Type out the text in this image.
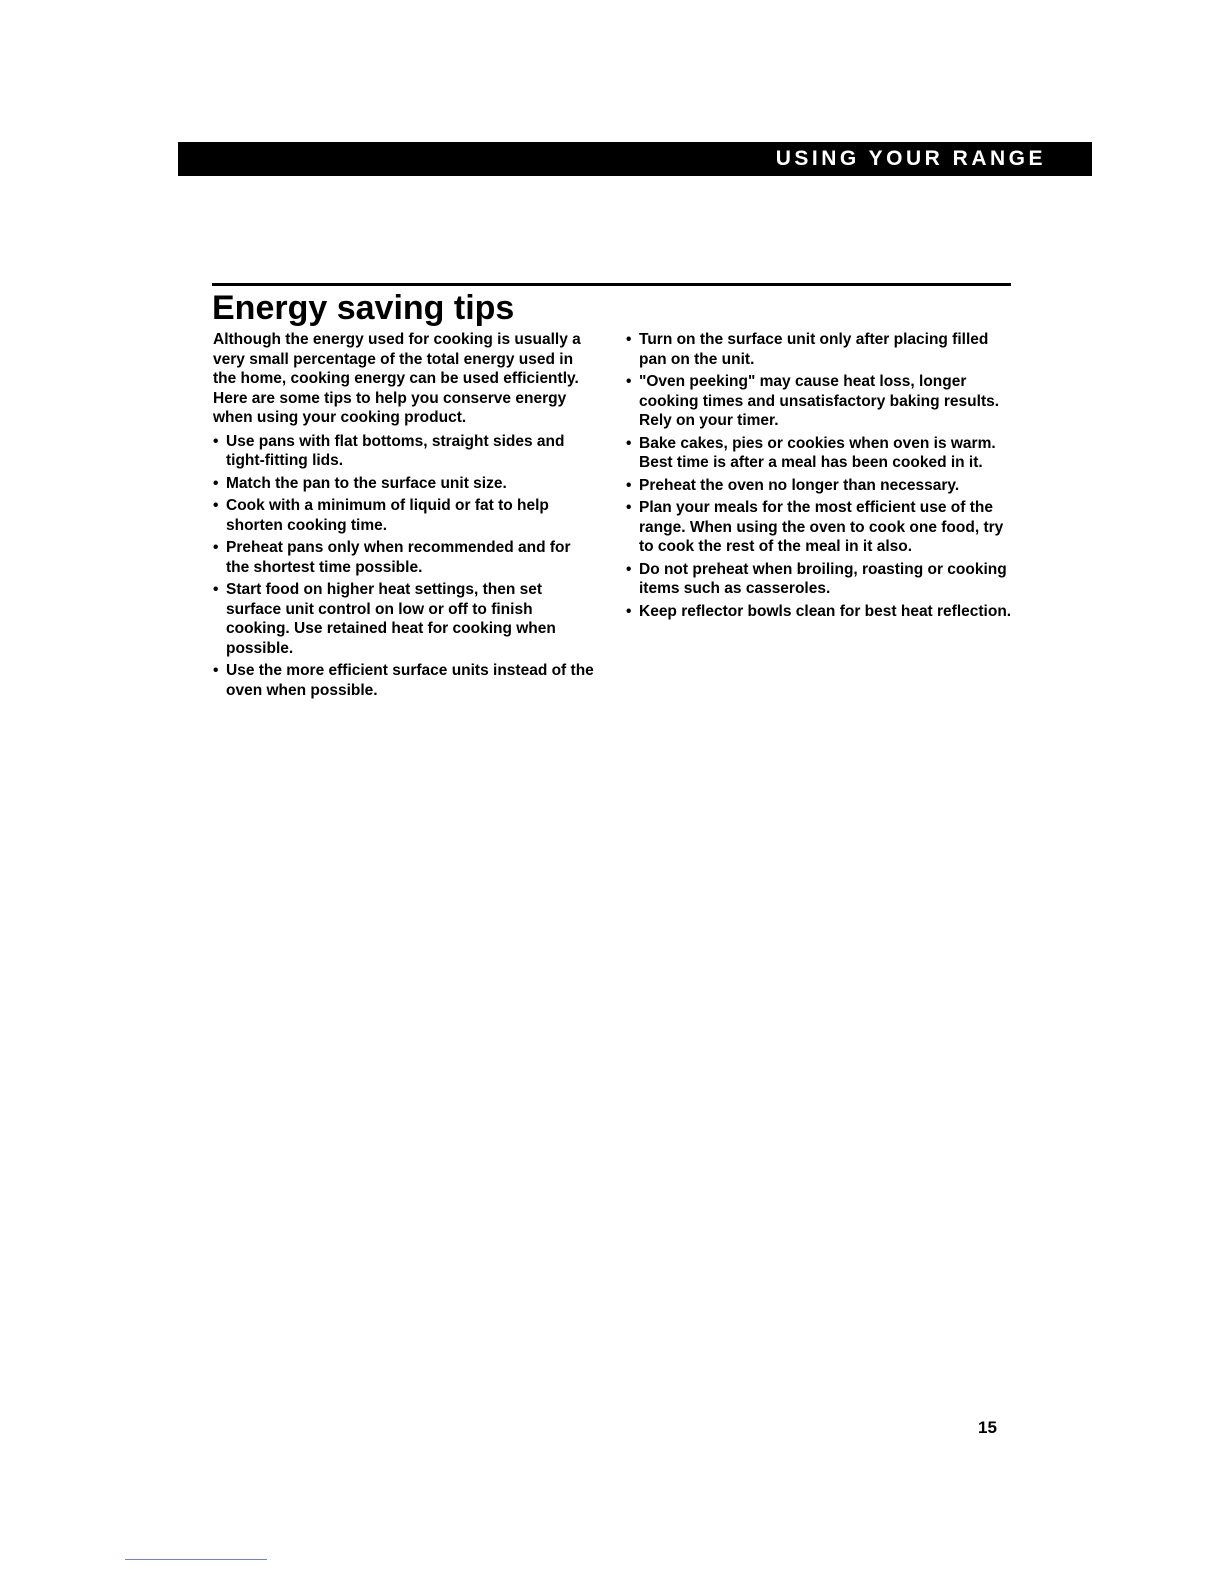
USING YOUR RANGE
Energy saving tips

Although the energy used for cooking is usually a very small percentage of the total energy used in the home, cooking energy can be used efficiently. Here are some tips to help you conserve energy when using your cooking product.

• Use pans with flat bottoms, straight sides and tight-fitting lids.
• Match the pan to the surface unit size.
• Cook with a minimum of liquid or fat to help shorten cooking time.
• Preheat pans only when recommended and for the shortest time possible.
• Start food on higher heat settings, then set surface unit control on low or off to finish cooking. Use retained heat for cooking when possible.
• Use the more efficient surface units instead of the oven when possible.
• Turn on the surface unit only after placing filled pan on the unit.
• "Oven peeking" may cause heat loss, longer cooking times and unsatisfactory baking results. Rely on your timer.
• Bake cakes, pies or cookies when oven is warm. Best time is after a meal has been cooked in it.
• Preheat the oven no longer than necessary.
• Plan your meals for the most efficient use of the range. When using the oven to cook one food, try to cook the rest of the meal in it also.
• Do not preheat when broiling, roasting or cooking items such as casseroles.
• Keep reflector bowls clean for best heat reflection.
15
